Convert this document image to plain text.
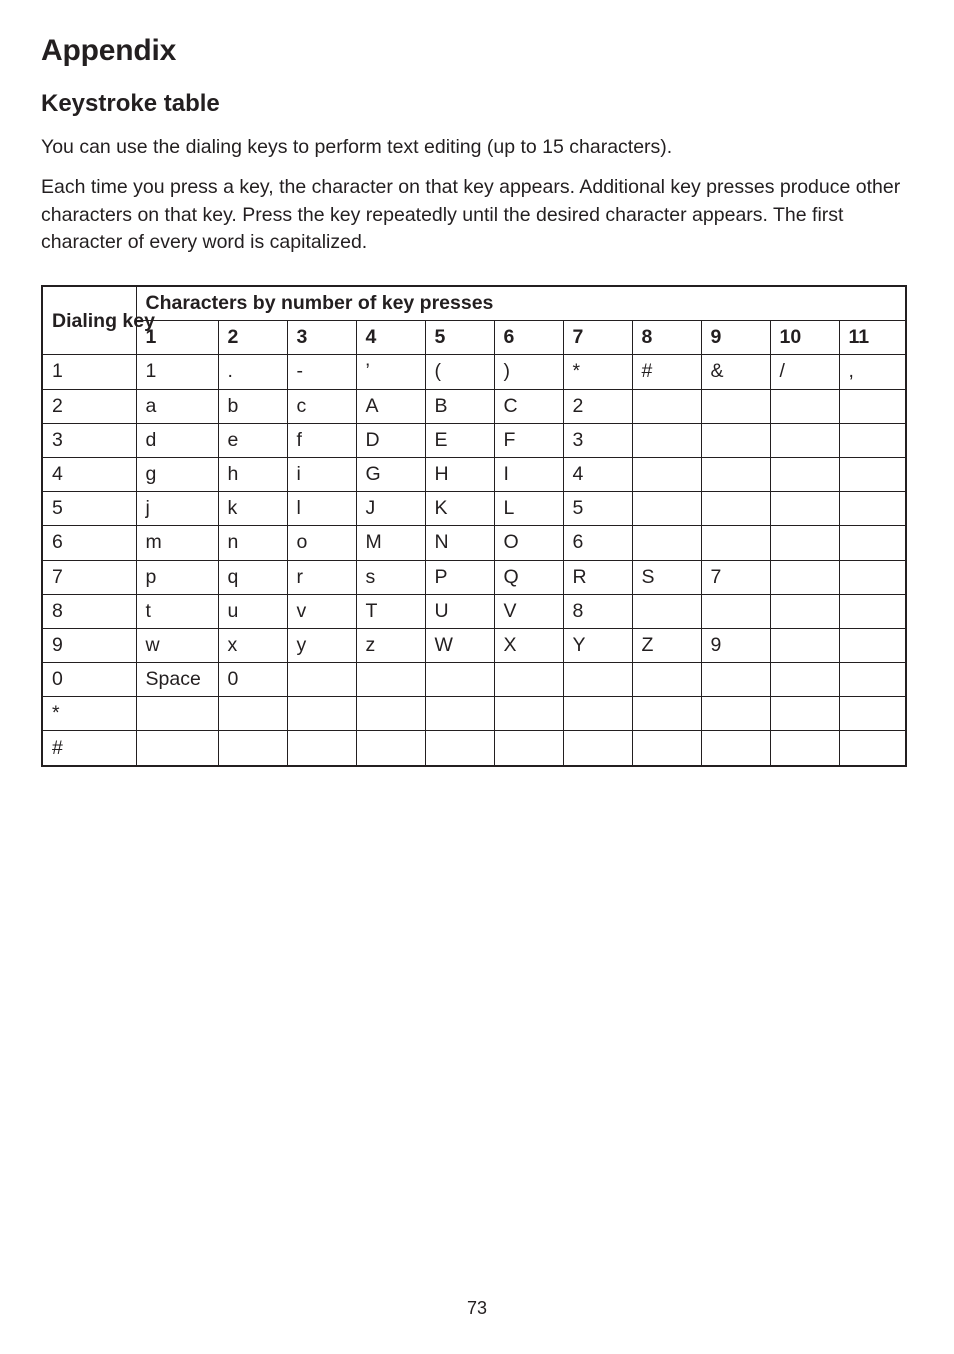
Appendix
Keystroke table

You can use the dialing keys to perform text editing (up to 15 characters).

Each time you press a key, the character on that key appears. Additional key presses produce other characters on that key. Press the key repeatedly until the desired character appears. The first character of every word is capitalized.

Dialing key	Characters by number of key presses										
	1	2	3	4	5	6	7	8	9	10	11
1	1	.	-	’	(	)	*	#	&	/	,
2	a	b	c	A	B	C	2				
3	d	e	f	D	E	F	3				
4	g	h	i	G	H	I	4				
5	j	k	l	J	K	L	5				
6	m	n	o	M	N	O	6				
7	p	q	r	s	P	Q	R	S	7		
8	t	u	v	T	U	V	8				
9	w	x	y	z	W	X	Y	Z	9		
0	Space	0									
*											
#											
73
